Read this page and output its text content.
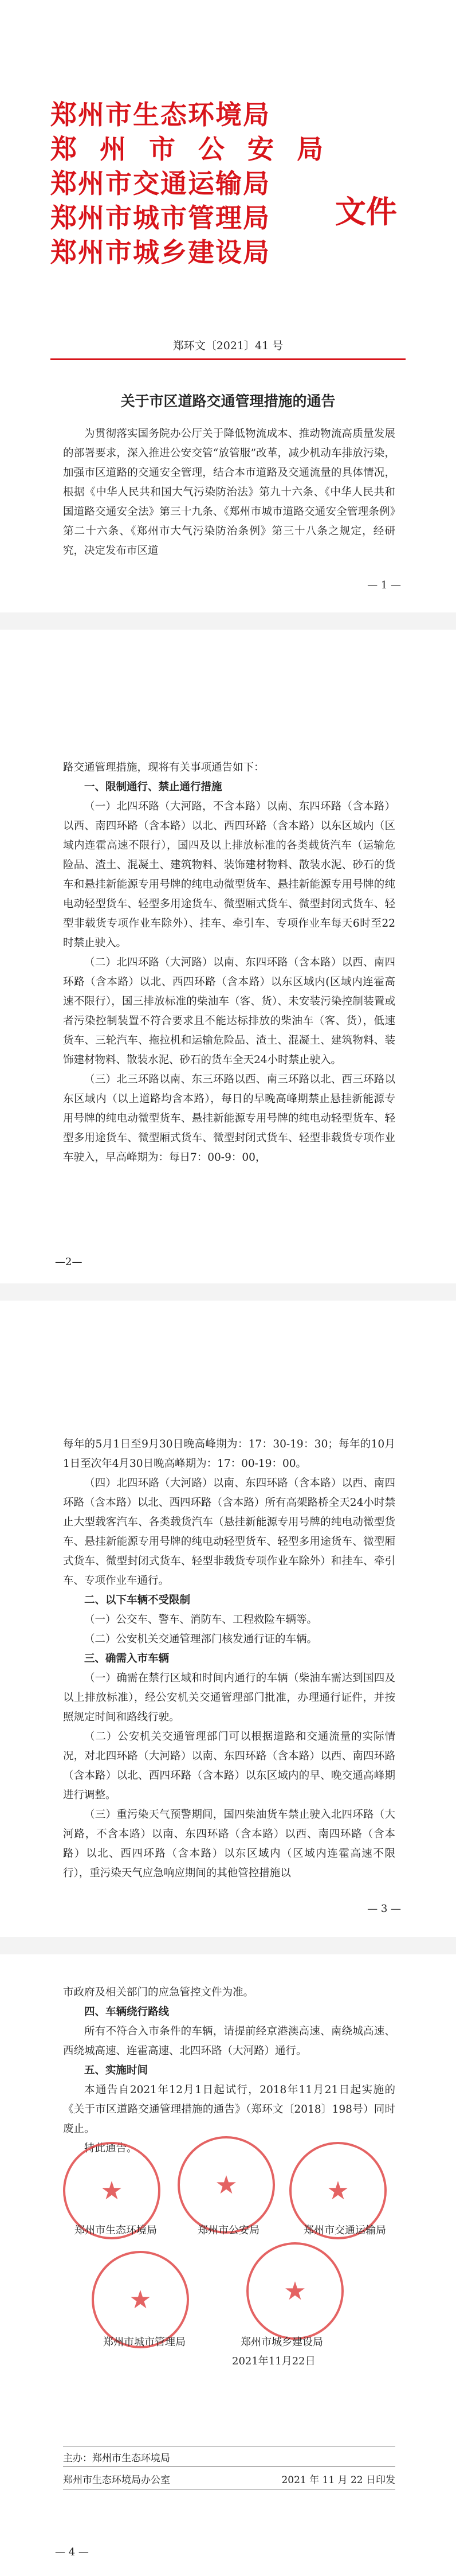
郑州市生态环境局
郑 州 市 公 安 局
郑州市交通运输局
郑州市城市管理局
郑州市城乡建设局
文件
郑环文〔2021〕41 号
关于市区道路交通管理措施的通告

为贯彻落实国务院办公厅关于降低物流成本、推动物流高质量发展的部署要求，深入推进公安交管“放管服”改革，减少机动车排放污染，加强市区道路的交通安全管理，结合本市道路及交通流量的具体情况，根据《中华人民共和国大气污染防治法》第九十六条、《中华人民共和国道路交通安全法》第三十九条、《郑州市城市道路交通安全管理条例》第二十六条、《郑州市大气污染防治条例》第三十八条之规定，经研究，决定发布市区道

— 1 —

路交通管理措施，现将有关事项通告如下：

一、限制通行、禁止通行措施

（一）北四环路（大河路，不含本路）以南、东四环路（含本路）以西、南四环路（含本路）以北、西四环路（含本路）以东区域内（区域内连霍高速不限行），国四及以上排放标准的各类载货汽车（运输危险品、渣土、混凝土、建筑物料、装饰建材物料、散装水泥、砂石的货车和悬挂新能源专用号牌的纯电动微型货车、悬挂新能源专用号牌的纯电动轻型货车、轻型多用途货车、微型厢式货车、微型封闭式货车、轻型非载货专项作业车除外）、挂车、牵引车、专项作业车每天6时至22时禁止驶入。

（二）北四环路（大河路）以南、东四环路（含本路）以西、南四环路（含本路）以北、西四环路（含本路）以东区域内(区域内连霍高速不限行），国三排放标准的柴油车（客、货）、未安装污染控制装置或者污染控制装置不符合要求且不能达标排放的柴油车（客、货），低速货车、三轮汽车、拖拉机和运输危险品、渣土、混凝土、建筑物料、装饰建材物料、散装水泥、砂石的货车全天24小时禁止驶入。

（三）北三环路以南、东三环路以西、南三环路以北、西三环路以东区域内（以上道路均含本路），每日的早晚高峰期禁止悬挂新能源专用号牌的纯电动微型货车、悬挂新能源专用号牌的纯电动轻型货车、轻型多用途货车、微型厢式货车、微型封闭式货车、轻型非载货专项作业车驶入，早高峰期为：每日7：00-9：00，

—2—

每年的5月1日至9月30日晚高峰期为：17：30-19：30；每年的10月1日至次年4月30日晚高峰期为：17：00-19：00。

（四）北四环路（大河路）以南、东四环路（含本路）以西、南四环路（含本路）以北、西四环路（含本路）所有高架路桥全天24小时禁止大型载客汽车、各类载货汽车（悬挂新能源专用号牌的纯电动微型货车、悬挂新能源专用号牌的纯电动轻型货车、轻型多用途货车、微型厢式货车、微型封闭式货车、轻型非载货专项作业车除外）和挂车、牵引车、专项作业车通行。

二、以下车辆不受限制

（一）公交车、警车、消防车、工程救险车辆等。

（二）公安机关交通管理部门核发通行证的车辆。

三、确需入市车辆

（一）确需在禁行区域和时间内通行的车辆（柴油车需达到国四及以上排放标准），经公安机关交通管理部门批准，办理通行证件，并按照规定时间和路线行驶。

（二）公安机关交通管理部门可以根据道路和交通流量的实际情况，对北四环路（大河路）以南、东四环路（含本路）以西、南四环路（含本路）以北、西四环路（含本路）以东区域内的早、晚交通高峰期进行调整。

（三）重污染天气预警期间，国四柴油货车禁止驶入北四环路（大河路，不含本路）以南、东四环路（含本路）以西、南四环路（含本路）以北、西四环路（含本路）以东区域内（区域内连霍高速不限行），重污染天气应急响应期间的其他管控措施以

— 3 —

市政府及相关部门的应急管控文件为准。

四、车辆绕行路线

所有不符合入市条件的车辆，请提前经京港澳高速、南绕城高速、西绕城高速、连霍高速、北四环路（大河路）通行。

五、实施时间

本通告自2021年12月1日起试行，2018年11月21日起实施的《关于市区道路交通管理措施的通告》（郑环文〔2018〕198号）同时废止。

特此通告。

★	★	★
郑州市生态环境局	郑州市公安局	郑州市交通运输局
★	★
郑州市城市管理局	郑州市城乡建设局
2021年11月22日
主办：郑州市生态环境局
郑州市生态环境局办公室	2021 年 11 月 22 日印发
— 4 —
